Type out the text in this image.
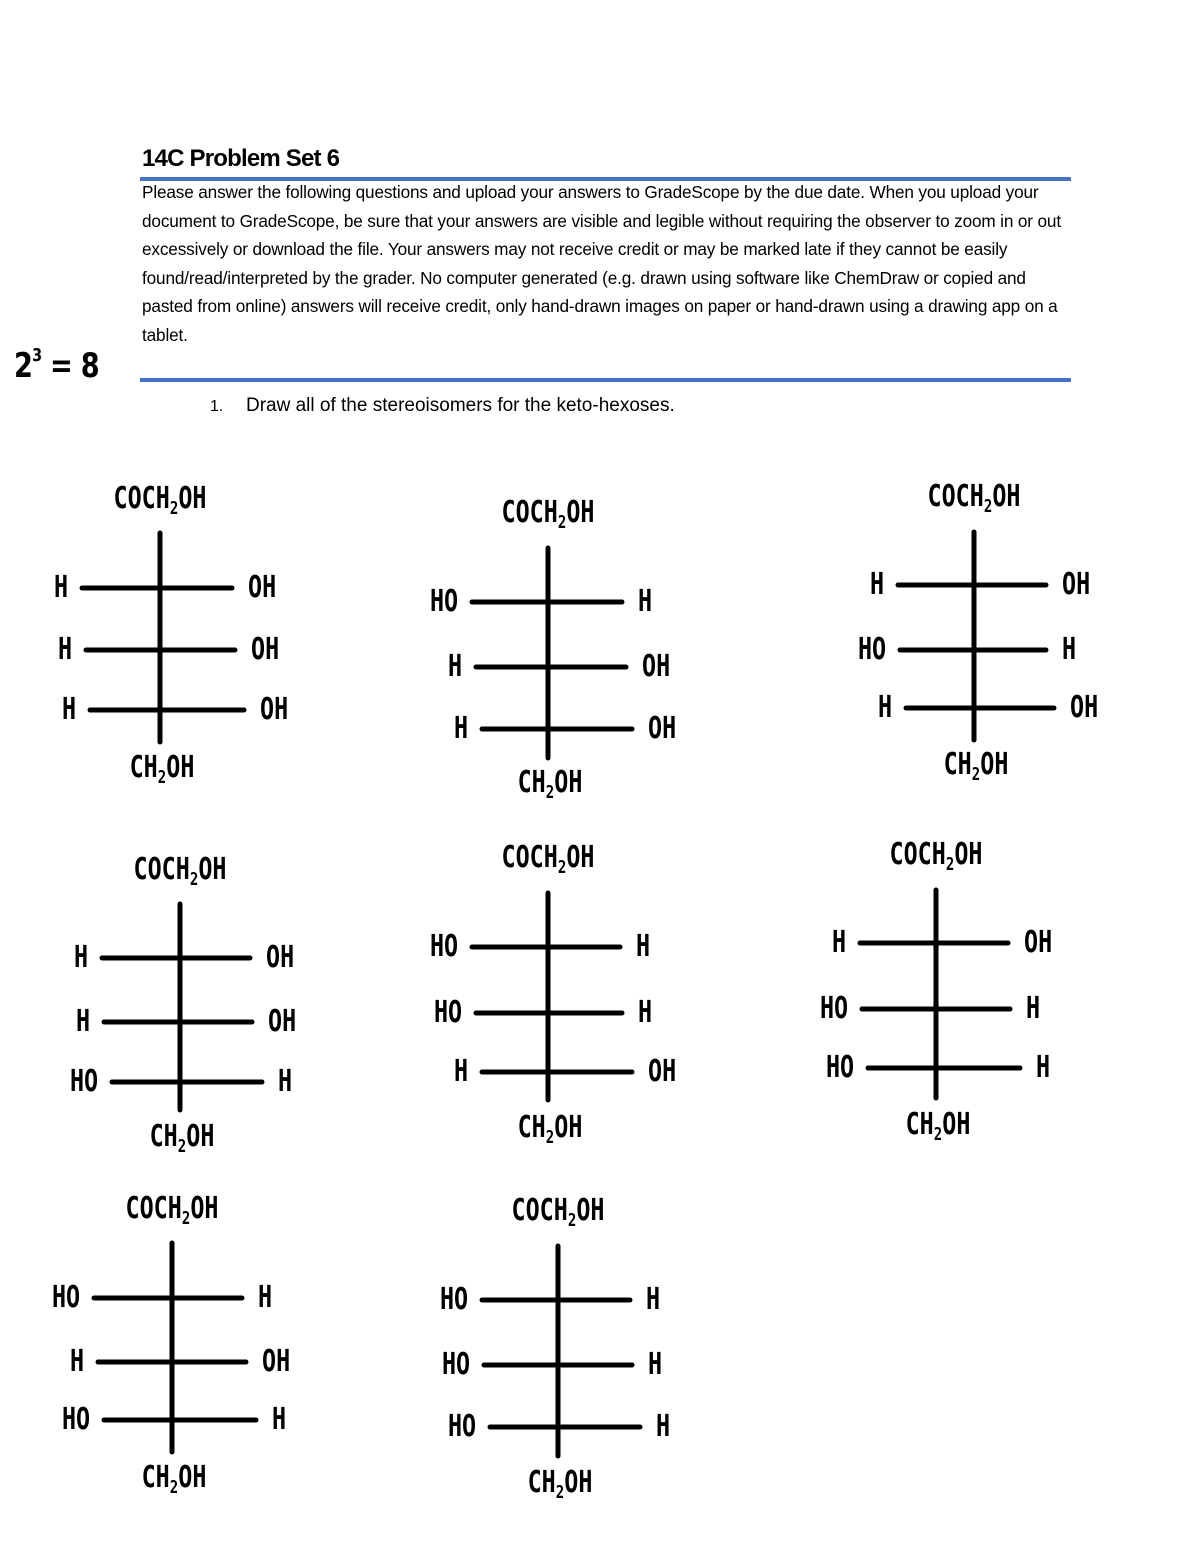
14C Problem Set 6
Please answer the following questions and upload your answers to GradeScope by the due date. When you upload your document to GradeScope, be sure that your answers are visible and legible without requiring the observer to zoom in or out excessively or download the file. Your answers may not receive credit or may be marked late if they cannot be easily found/read/interpreted by the grader. No computer generated (e.g. drawn using software like ChemDraw or copied and pasted from online) answers will receive credit, only hand-drawn images on paper or hand-drawn using a drawing app on a tablet.
1. Draw all of the stereoisomers for the keto-hexoses.
$2^3 = 8$
$COCH_2OH$
H	OH
H	OH
H	OH
$CH_2OH$
$COCH_2OH$
HO	H
H	OH
H	OH
$CH_2OH$
$COCH_2OH$
H	OH
HO	H
H	OH
$CH_2OH$
$COCH_2OH$
H	OH
H	OH
HO	H
$CH_2OH$
$COCH_2OH$
HO	H
HO	H
H	OH
$CH_2OH$
$COCH_2OH$
H	OH
HO	H
HO	H
$CH_2OH$
$COCH_2OH$
HO	H
H	OH
HO	H
$CH_2OH$
$COCH_2OH$
HO	H
HO	H
HO	H
$CH_2OH$
